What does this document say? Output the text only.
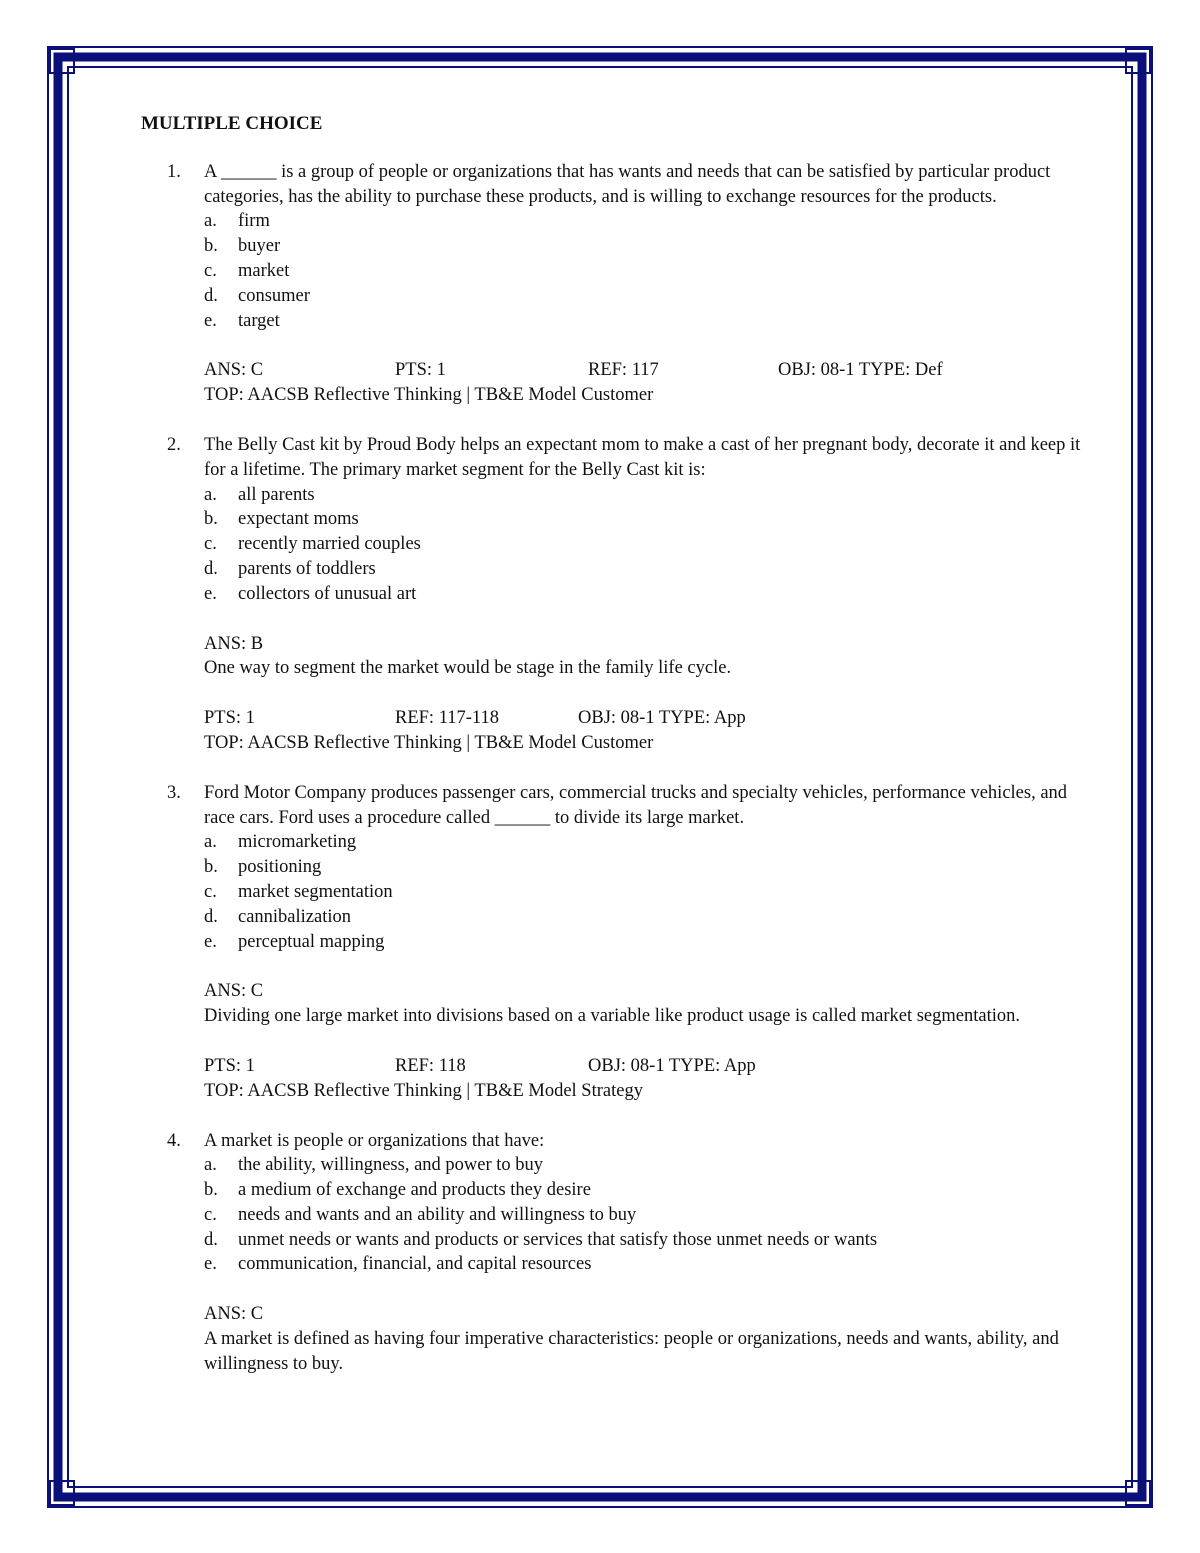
MULTIPLE CHOICE
1. A ______ is a group of people or organizations that has wants and needs that can be satisfied by particular product categories, has the ability to purchase these products, and is willing to exchange resources for the products.
a. firm
b. buyer
c. market
d. consumer
e. target
ANS: C	PTS: 1	REF: 117	OBJ: 08-1 TYPE: Def
TOP: AACSB Reflective Thinking | TB&E Model Customer
2. The Belly Cast kit by Proud Body helps an expectant mom to make a cast of her pregnant body, decorate it and keep it for a lifetime. The primary market segment for the Belly Cast kit is:
a. all parents
b. expectant moms
c. recently married couples
d. parents of toddlers
e. collectors of unusual art
ANS: B
One way to segment the market would be stage in the family life cycle.
PTS: 1	REF: 117-118	OBJ: 08-1 TYPE: App
TOP: AACSB Reflective Thinking | TB&E Model Customer
3. Ford Motor Company produces passenger cars, commercial trucks and specialty vehicles, performance vehicles, and race cars. Ford uses a procedure called ______ to divide its large market.
a. micromarketing
b. positioning
c. market segmentation
d. cannibalization
e. perceptual mapping
ANS: C
Dividing one large market into divisions based on a variable like product usage is called market segmentation.
PTS: 1	REF: 118	OBJ: 08-1 TYPE: App
TOP: AACSB Reflective Thinking | TB&E Model Strategy
4. A market is people or organizations that have:
a. the ability, willingness, and power to buy
b. a medium of exchange and products they desire
c. needs and wants and an ability and willingness to buy
d. unmet needs or wants and products or services that satisfy those unmet needs or wants
e. communication, financial, and capital resources
ANS: C
A market is defined as having four imperative characteristics: people or organizations, needs and wants, ability, and willingness to buy.
